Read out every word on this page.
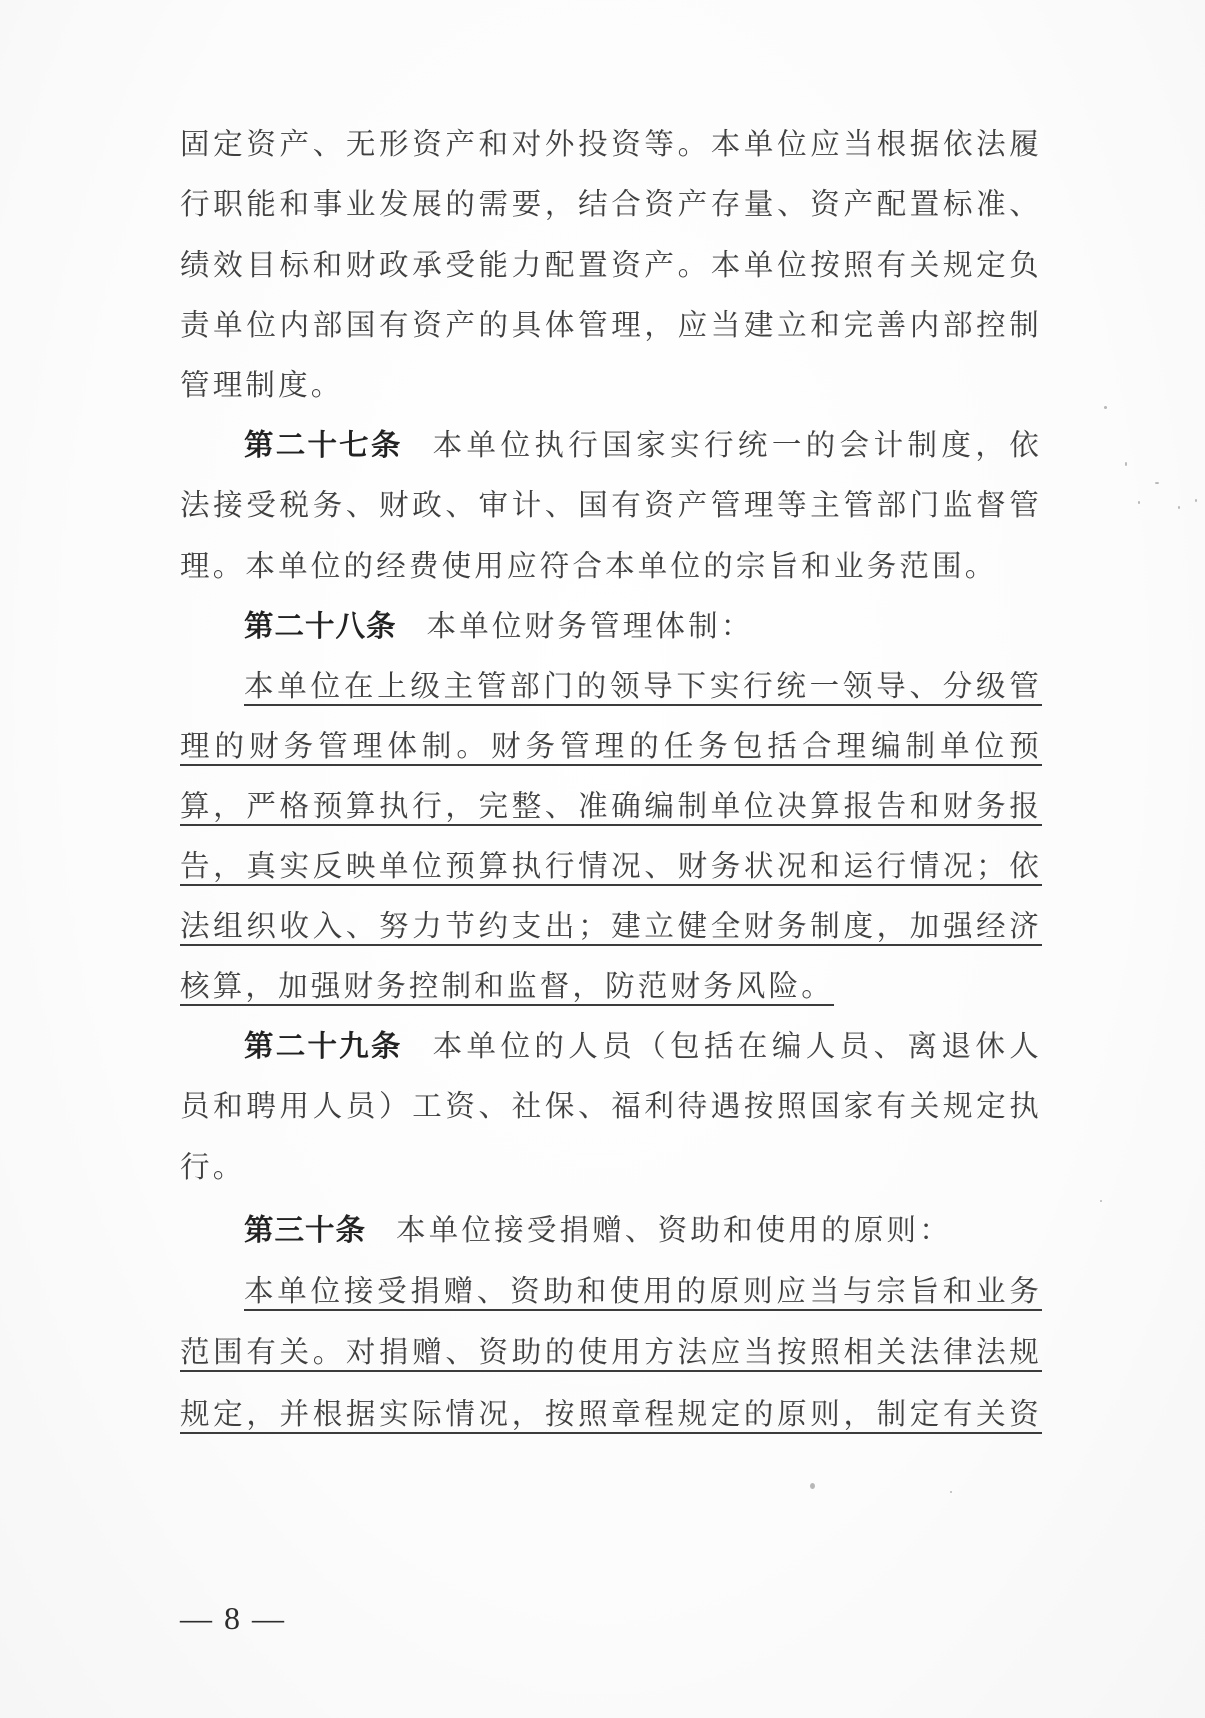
固定资产、无形资产和对外投资等。本单位应当根据依法履
行职能和事业发展的需要，结合资产存量、资产配置标准、
绩效目标和财政承受能力配置资产。本单位按照有关规定负
责单位内部国有资产的具体管理，应当建立和完善内部控制
管理制度。
第二十七条 本单位执行国家实行统一的会计制度，依
法接受税务、财政、审计、国有资产管理等主管部门监督管
理。本单位的经费使用应符合本单位的宗旨和业务范围。
第二十八条 本单位财务管理体制：
本单位在上级主管部门的领导下实行统一领导、分级管
理的财务管理体制。财务管理的任务包括合理编制单位预
算，严格预算执行，完整、准确编制单位决算报告和财务报
告，真实反映单位预算执行情况、财务状况和运行情况；依
法组织收入、努力节约支出；建立健全财务制度，加强经济
核算，加强财务控制和监督，防范财务风险。
第二十九条 本单位的人员（包括在编人员、离退休人
员和聘用人员）工资、社保、福利待遇按照国家有关规定执
行。
第三十条 本单位接受捐赠、资助和使用的原则：
本单位接受捐赠、资助和使用的原则应当与宗旨和业务
范围有关。对捐赠、资助的使用方法应当按照相关法律法规
规定，并根据实际情况，按照章程规定的原则，制定有关资
— 8 —
